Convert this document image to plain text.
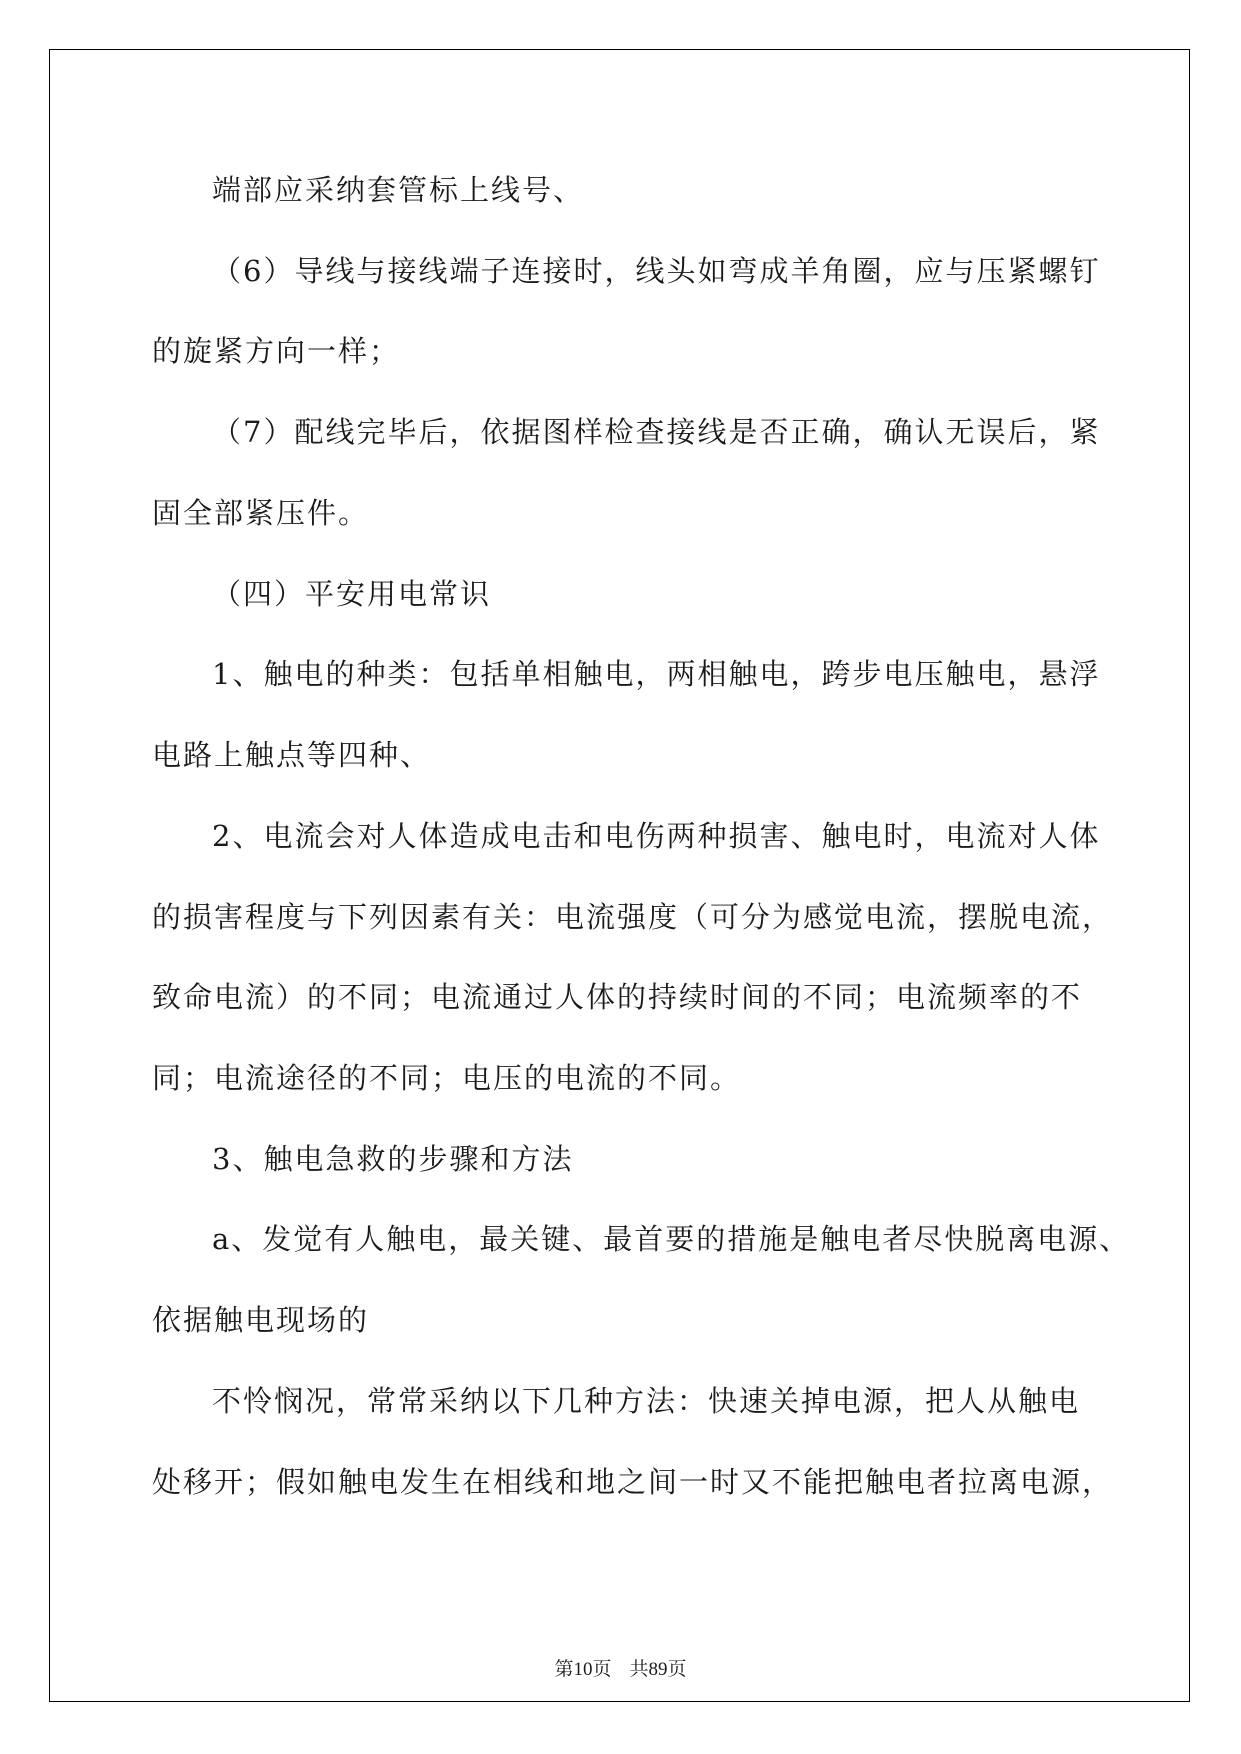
端部应采纳套管标上线号、
（6）导线与接线端子连接时，线头如弯成羊角圈，应与压紧螺钉
的旋紧方向一样；
（7）配线完毕后，依据图样检查接线是否正确，确认无误后，紧
固全部紧压件。
（四）平安用电常识
1、触电的种类：包括单相触电，两相触电，跨步电压触电，悬浮
电路上触点等四种、
2、电流会对人体造成电击和电伤两种损害、触电时，电流对人体
的损害程度与下列因素有关：电流强度（可分为感觉电流，摆脱电流，
致命电流）的不同；电流通过人体的持续时间的不同；电流频率的不
同；电流途径的不同；电压的电流的不同。
3、触电急救的步骤和方法
a、发觉有人触电，最关键、最首要的措施是触电者尽快脱离电源、
依据触电现场的
不怜悯况，常常采纳以下几种方法：快速关掉电源，把人从触电
处移开；假如触电发生在相线和地之间一时又不能把触电者拉离电源，
第10页 共89页
